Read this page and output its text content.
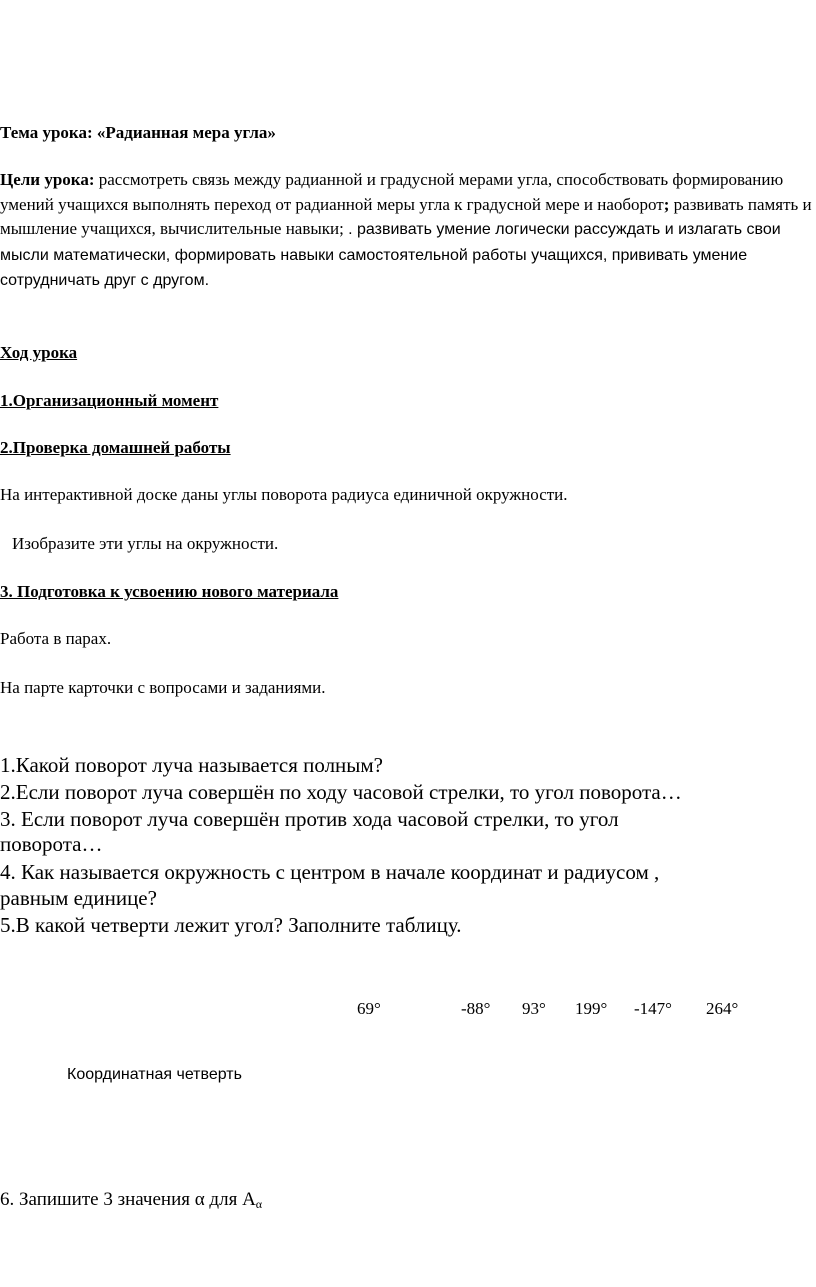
Тема урока: «Радианная мера угла»
Цели урока: рассмотреть связь между радианной и градусной мерами угла, способствовать формированию умений учащихся выполнять переход от радианной меры угла к градусной мере и наоборот; развивать память и мышление учащихся, вычислительные навыки; . развивать умение логически рассуждать и излагать свои мысли математически, формировать навыки самостоятельной работы учащихся, прививать умение сотрудничать друг с другом.
Ход урока
1.Организационный момент
2.Проверка домашней работы
На интерактивной доске даны углы поворота радиуса единичной окружности.
Изобразите эти углы на окружности.
3. Подготовка к усвоению нового материала
Работа в парах.
На парте карточки с вопросами и заданиями.
1.Какой поворот луча называется полным?
2.Если поворот луча совершён по ходу часовой стрелки, то угол поворота…
3. Если поворот луча совершён против хода часовой стрелки, то угол
поворота…
4. Как называется окружность с центром в начале координат и радиусом ,
равным единице?
5.В какой четверти лежит угол? Заполните таблицу.
69°	-88° 93° 199° -147° 264°
Координатная четверть
6. Запишите 3 значения α для $А_\alpha$
